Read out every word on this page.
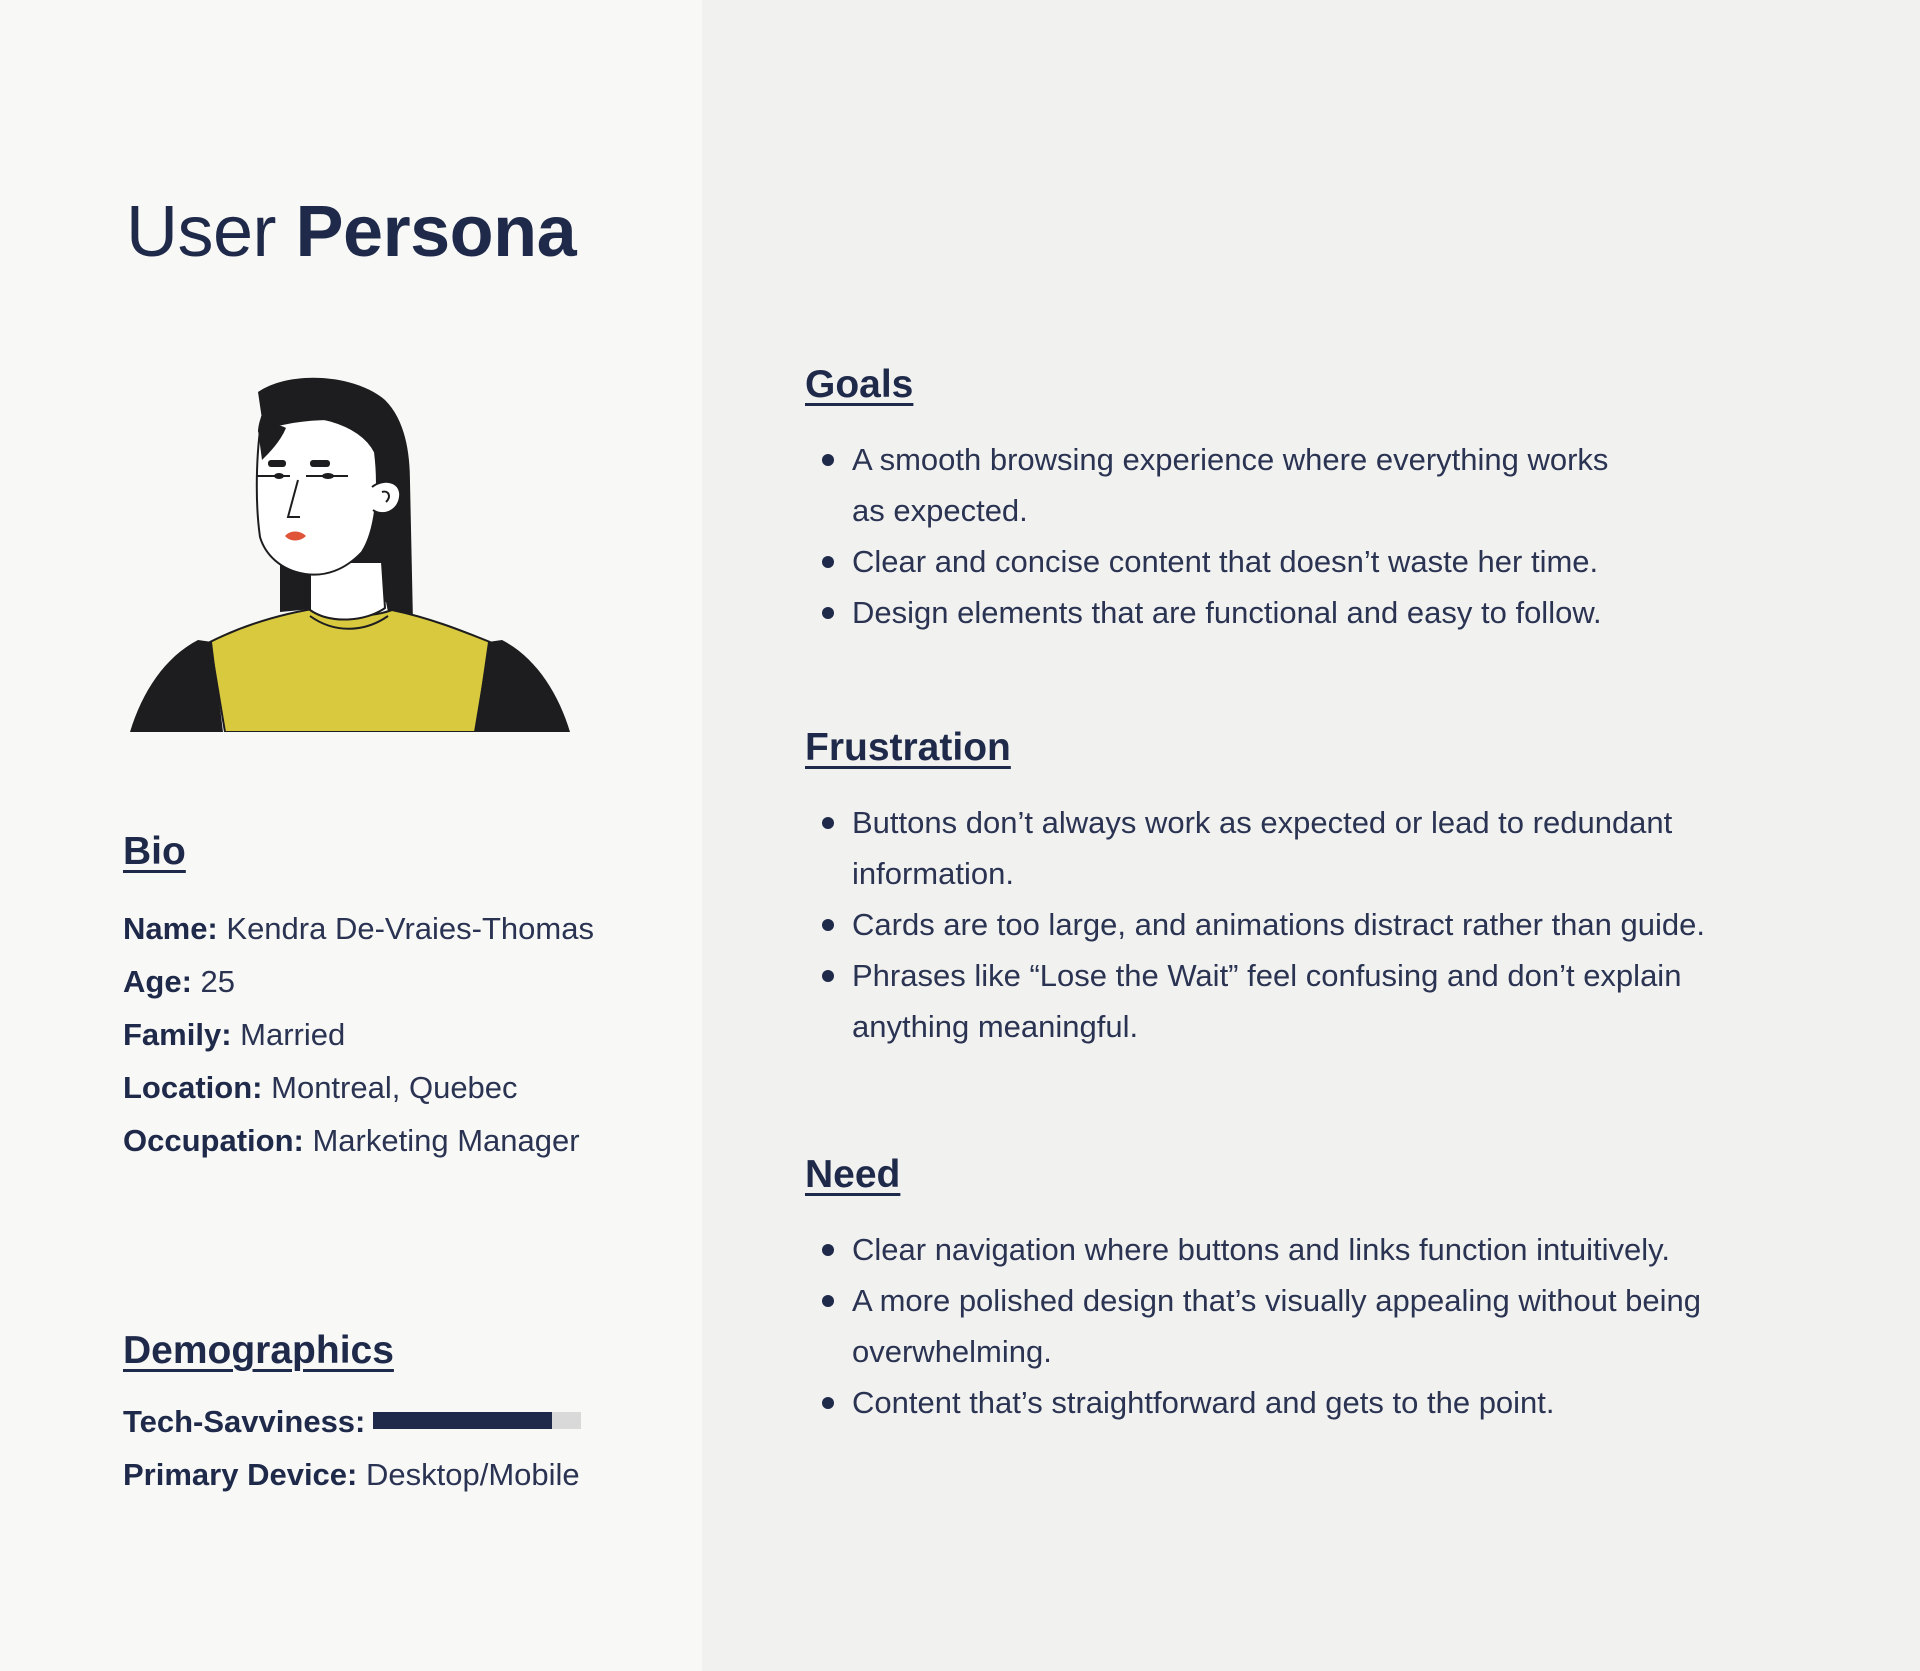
User Persona
Bio
Name: Kendra De-Vraies-Thomas
Age: 25
Family: Married
Location: Montreal, Quebec
Occupation: Marketing Manager
Demographics
Tech-Savviness:
Primary Device: Desktop/Mobile
Goals
A smooth browsing experience where everything works as expected.
Clear and concise content that doesn’t waste her time.
Design elements that are functional and easy to follow.
Frustration
Buttons don’t always work as expected or lead to redundant information.
Cards are too large, and animations distract rather than guide.
Phrases like “Lose the Wait” feel confusing and don’t explain anything meaningful.
Need
Clear navigation where buttons and links function intuitively.
A more polished design that’s visually appealing without being overwhelming.
Content that’s straightforward and gets to the point.
